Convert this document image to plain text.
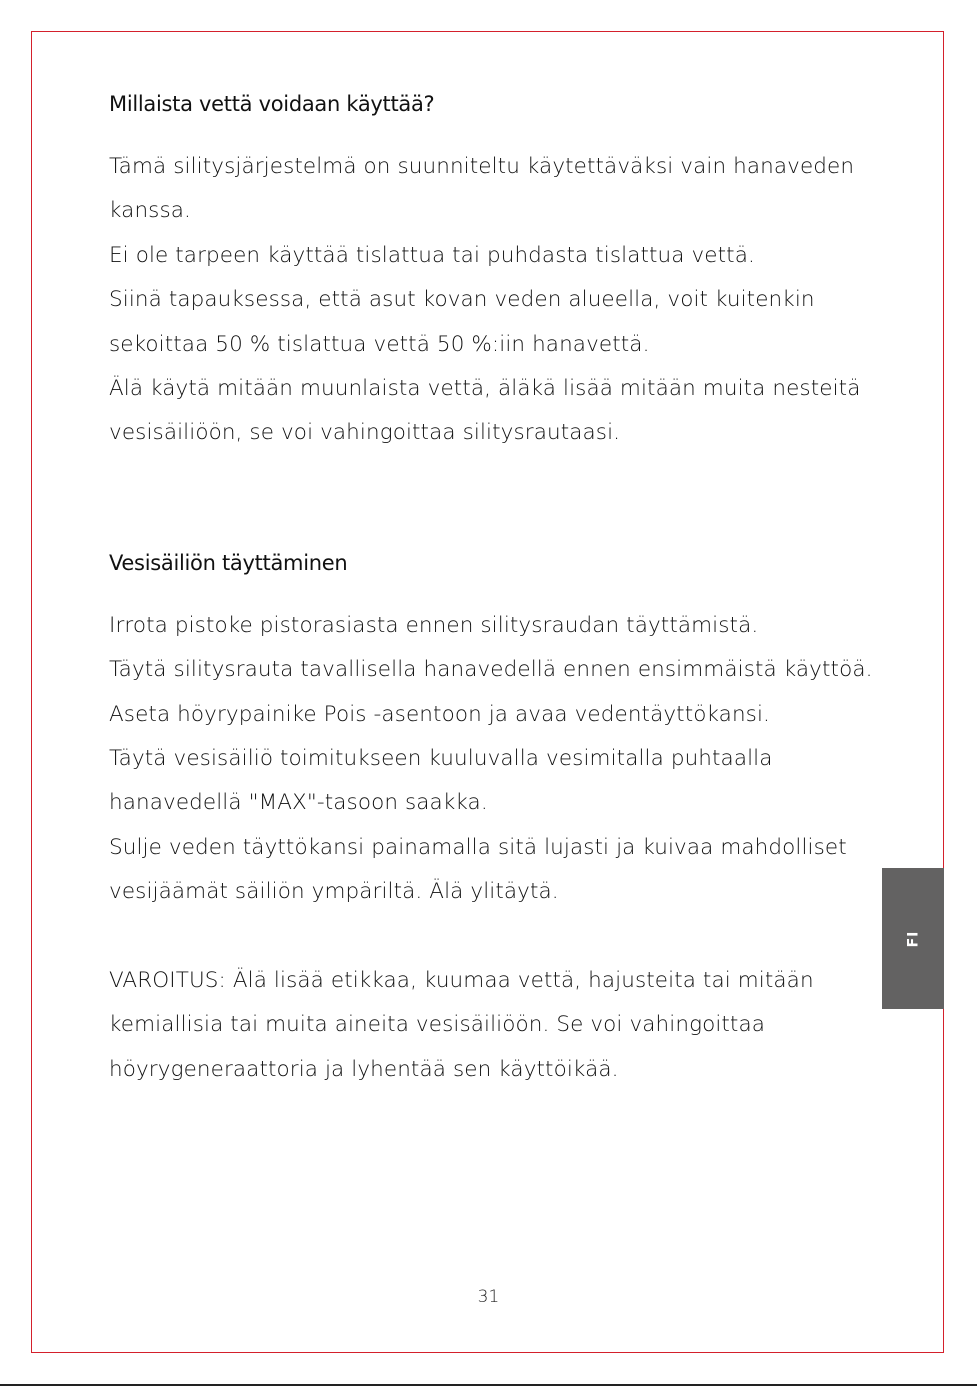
Millaista vettä voidaan käyttää?

Tämä silitysjärjestelmä on suunniteltu käytettäväksi vain hanaveden

kanssa.

Ei ole tarpeen käyttää tislattua tai puhdasta tislattua vettä.

Siinä tapauksessa, että asut kovan veden alueella, voit kuitenkin

sekoittaa 50 % tislattua vettä 50 %:iin hanavettä.

Älä käytä mitään muunlaista vettä, äläkä lisää mitään muita nesteitä

vesisäiliöön, se voi vahingoittaa silitysrautaasi.

Vesisäiliön täyttäminen

Irrota pistoke pistorasiasta ennen silitysraudan täyttämistä.

Täytä silitysrauta tavallisella hanavedellä ennen ensimmäistä käyttöä.

Aseta höyrypainike Pois -asentoon ja avaa vedentäyttökansi.

Täytä vesisäiliö toimitukseen kuuluvalla vesimitalla puhtaalla

hanavedellä "MAX"-tasoon saakka.

Sulje veden täyttökansi painamalla sitä lujasti ja kuivaa mahdolliset

vesijäämät säiliön ympäriltä. Älä ylitäytä.

VAROITUS: Älä lisää etikkaa, kuumaa vettä, hajusteita tai mitään

kemiallisia tai muita aineita vesisäiliöön. Se voi vahingoittaa

höyrygeneraattoria ja lyhentää sen käyttöikää.

FI
31
